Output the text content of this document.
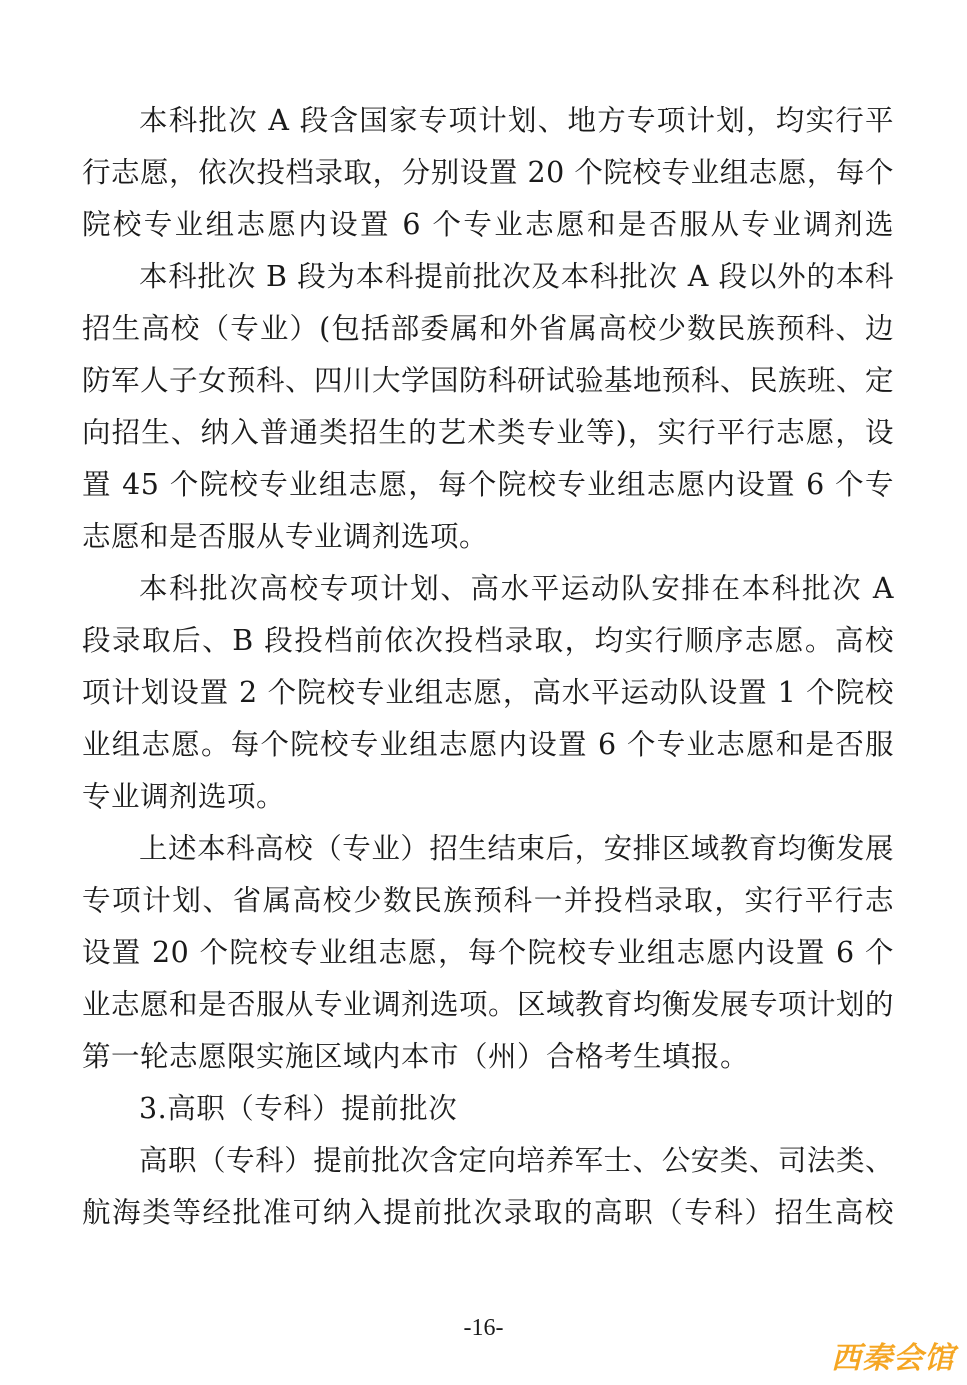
本科批次 A 段含国家专项计划、地方专项计划，均实行平
行志愿，依次投档录取，分别设置 20 个院校专业组志愿，每个
院校专业组志愿内设置 6 个专业志愿和是否服从专业调剂选
本科批次 B 段为本科提前批次及本科批次 A 段以外的本科
招生高校（专业）(包括部委属和外省属高校少数民族预科、边
防军人子女预科、四川大学国防科研试验基地预科、民族班、定
向招生、纳入普通类招生的艺术类专业等)，实行平行志愿，设
置 45 个院校专业组志愿，每个院校专业组志愿内设置 6 个专
志愿和是否服从专业调剂选项。
本科批次高校专项计划、高水平运动队安排在本科批次 A
段录取后、B 段投档前依次投档录取，均实行顺序志愿。高校
项计划设置 2 个院校专业组志愿，高水平运动队设置 1 个院校
业组志愿。每个院校专业组志愿内设置 6 个专业志愿和是否服
专业调剂选项。
上述本科高校（专业）招生结束后，安排区域教育均衡发展
专项计划、省属高校少数民族预科一并投档录取，实行平行志
设置 20 个院校专业组志愿，每个院校专业组志愿内设置 6 个
业志愿和是否服从专业调剂选项。区域教育均衡发展专项计划的
第一轮志愿限实施区域内本市（州）合格考生填报。
3.高职（专科）提前批次
高职（专科）提前批次含定向培养军士、公安类、司法类、
航海类等经批准可纳入提前批次录取的高职（专科）招生高校
-16-
西秦会馆
